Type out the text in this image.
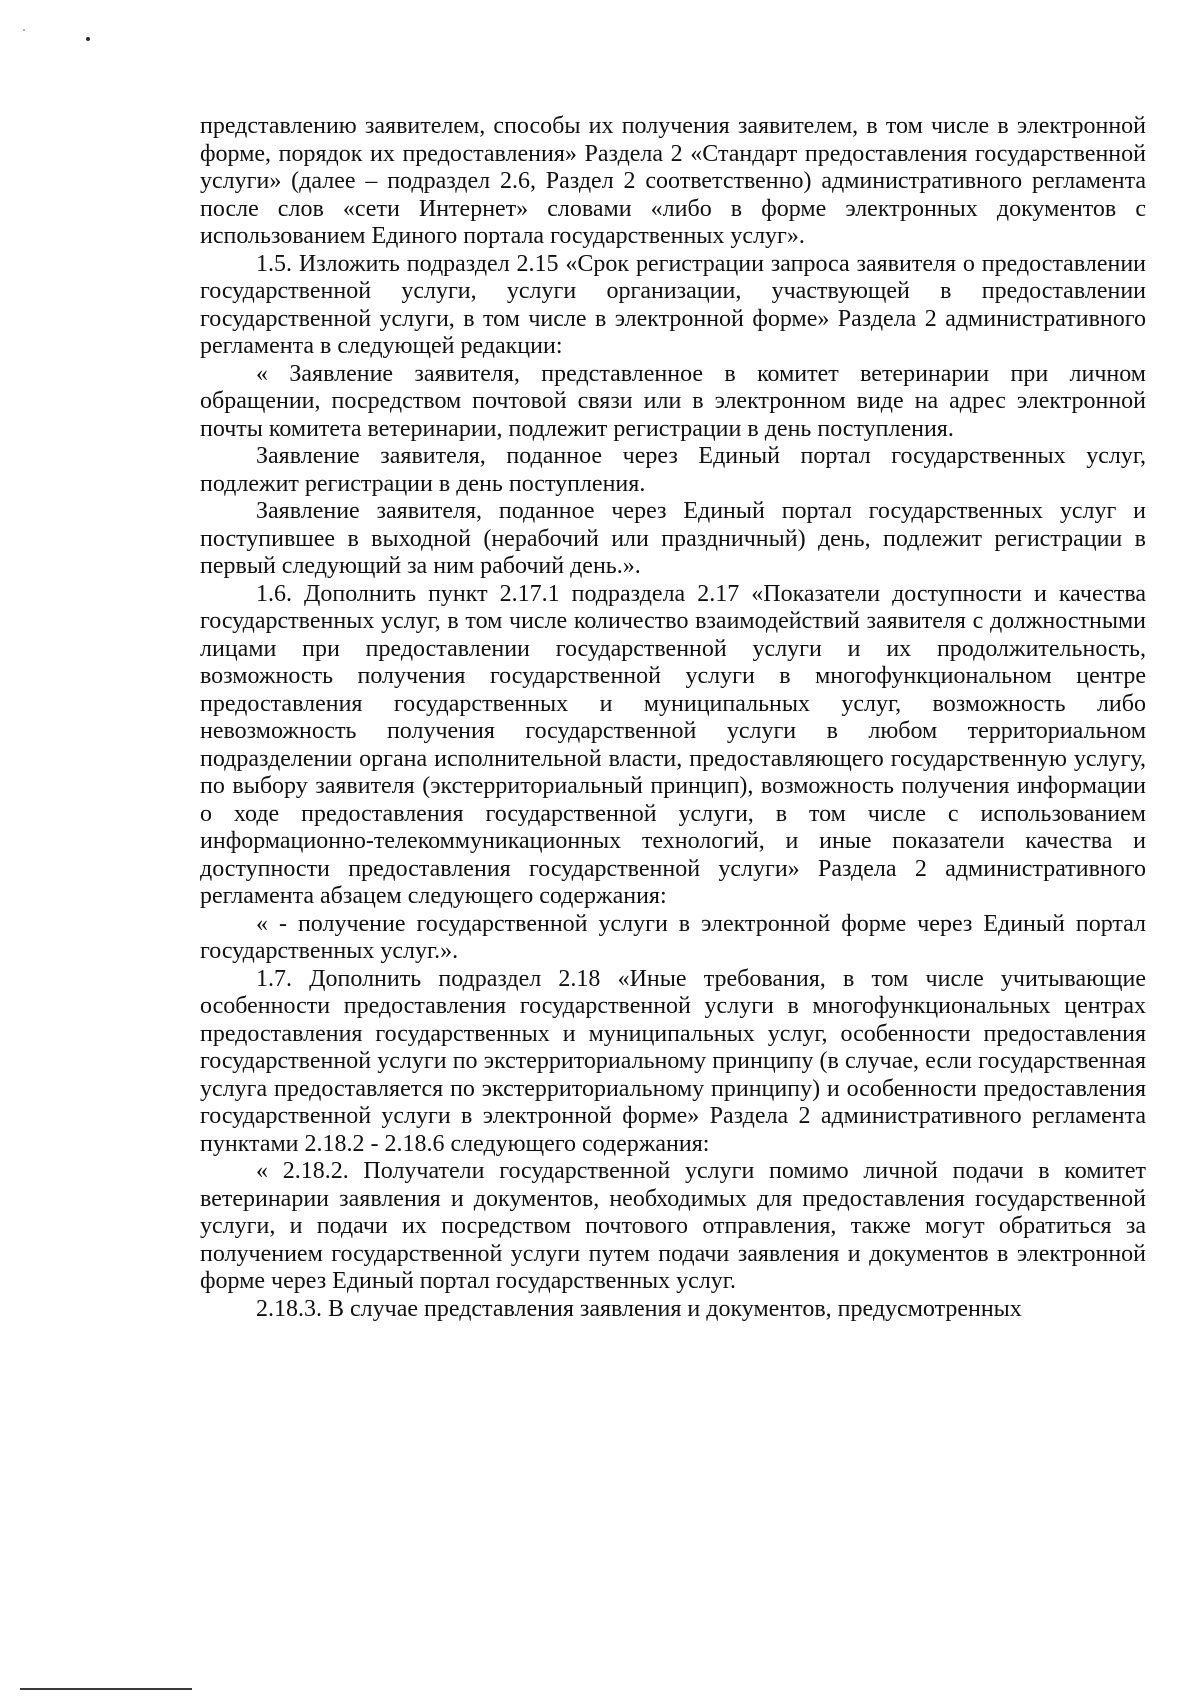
представлению заявителем, способы их получения заявителем, в том числе в электронной форме, порядок их предоставления» Раздела 2 «Стандарт предоставления государственной услуги» (далее – подраздел 2.6, Раздел 2 соответственно) административного регламента после слов «сети Интернет» словами «либо в форме электронных документов с использованием Единого портала государственных услуг».

1.5. Изложить подраздел 2.15 «Срок регистрации запроса заявителя о предоставлении государственной услуги, услуги организации, участвующей в предоставлении государственной услуги, в том числе в электронной форме» Раздела 2 административного регламента в следующей редакции:

« Заявление заявителя, представленное в комитет ветеринарии при личном обращении, посредством почтовой связи или в электронном виде на адрес электронной почты комитета ветеринарии, подлежит регистрации в день поступления.

Заявление заявителя, поданное через Единый портал государственных услуг, подлежит регистрации в день поступления.

Заявление заявителя, поданное через Единый портал государственных услуг и поступившее в выходной (нерабочий или праздничный) день, подлежит регистрации в первый следующий за ним рабочий день.».

1.6. Дополнить пункт 2.17.1 подраздела 2.17 «Показатели доступности и качества государственных услуг, в том числе количество взаимодействий заявителя с должностными лицами при предоставлении государственной услуги и их продолжительность, возможность получения государственной услуги в многофункциональном центре предоставления государственных и муниципальных услуг, возможность либо невозможность получения государственной услуги в любом территориальном подразделении органа исполнительной власти, предоставляющего государственную услугу, по выбору заявителя (экстерриториальный принцип), возможность получения информации о ходе предоставления государственной услуги, в том числе с использованием информационно-телекоммуникационных технологий, и иные показатели качества и доступности предоставления государственной услуги» Раздела 2 административного регламента абзацем следующего содержания:

« - получение государственной услуги в электронной форме через Единый портал государственных услуг.».

1.7. Дополнить подраздел 2.18 «Иные требования, в том числе учитывающие особенности предоставления государственной услуги в многофункциональных центрах предоставления государственных и муниципальных услуг, особенности предоставления государственной услуги по экстерриториальному принципу (в случае, если государственная услуга предоставляется по экстерриториальному принципу) и особенности предоставления государственной услуги в электронной форме» Раздела 2 административного регламента пунктами 2.18.2 - 2.18.6 следующего содержания:

« 2.18.2. Получатели государственной услуги помимо личной подачи в комитет ветеринарии заявления и документов, необходимых для предоставления государственной услуги, и подачи их посредством почтового отправления, также могут обратиться за получением государственной услуги путем подачи заявления и документов в электронной форме через Единый портал государственных услуг.

2.18.3. В случае представления заявления и документов, предусмотренных
